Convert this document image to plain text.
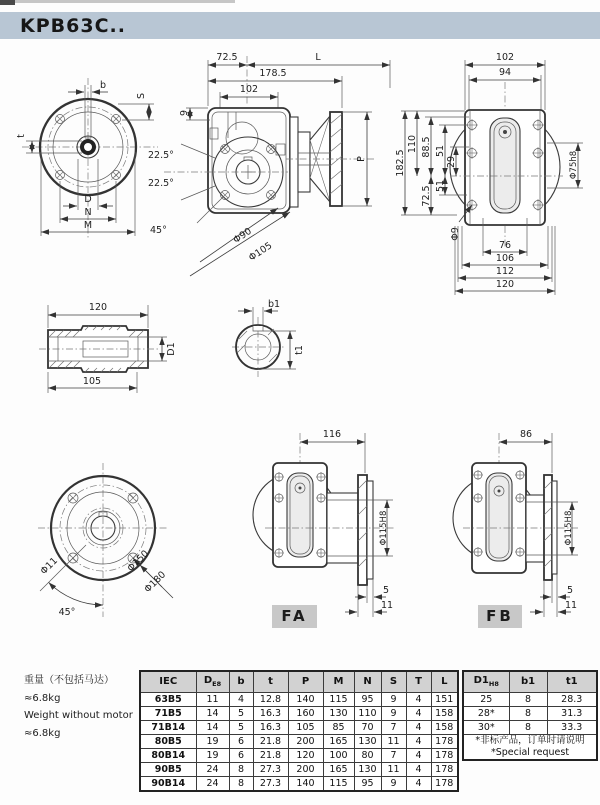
KPB63C..
b
S
t
D
N
M
72.5	L
178.5
102
9
22.5°
22.5°
45°	Φ90
Φ105
P
102
94
182.5
110 88.5 51
29
51
72.5
Φ9
Φ75h8
76
106
112
120
120
105
D1
b1
t1
Φ11
45°
Φ150
Φ180
116
Φ115H8
5
11
86
Φ115H8
5
11
FA	FB
重量（不包括马达）
≈6.8kg
Weight without motor
≈6.8kg
IEC	$D_{E8}$	b	t	P	M	N	S	T	L
63B5	11	4	12.8	140	115	95	9	4	151
71B5	14	5	16.3	160	130	110	9	4	158
71B14	14	5	16.3	105	85	70	7	4	158
80B5	19	6	21.8	200	165	130	11	4	178
80B14	19	6	21.8	120	100	80	7	4	178
90B5	24	8	27.3	200	165	130	11	4	178
90B14	24	8	27.3	140	115	95	9	4	178
$D1_{H8}$	b1	t1
25	8	28.3
28*	8	31.3
30*	8	33.3

*非标产品，订单时请说明
*Special request		
